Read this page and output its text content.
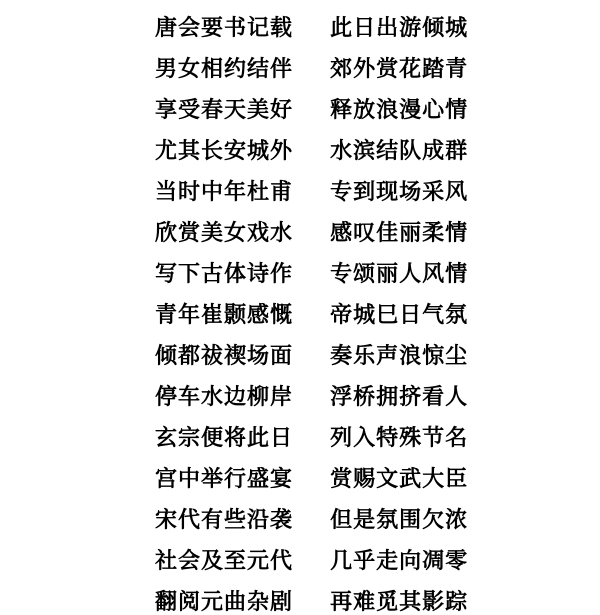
唐会要书记载 此日出游倾城
男女相约结伴 郊外赏花踏青
享受春天美好 释放浪漫心情
尤其长安城外 水滨结队成群
当时中年杜甫 专到现场采风
欣赏美女戏水 感叹佳丽柔情
写下古体诗作 专颂丽人风情
青年崔颢感慨 帝城巳日气氛
倾都祓禊场面 奏乐声浪惊尘
停车水边柳岸 浮桥拥挤看人
玄宗便将此日 列入特殊节名
宫中举行盛宴 赏赐文武大臣
宋代有些沿袭 但是氛围欠浓
社会及至元代 几乎走向凋零
翻阅元曲杂剧 再难觅其影踪
